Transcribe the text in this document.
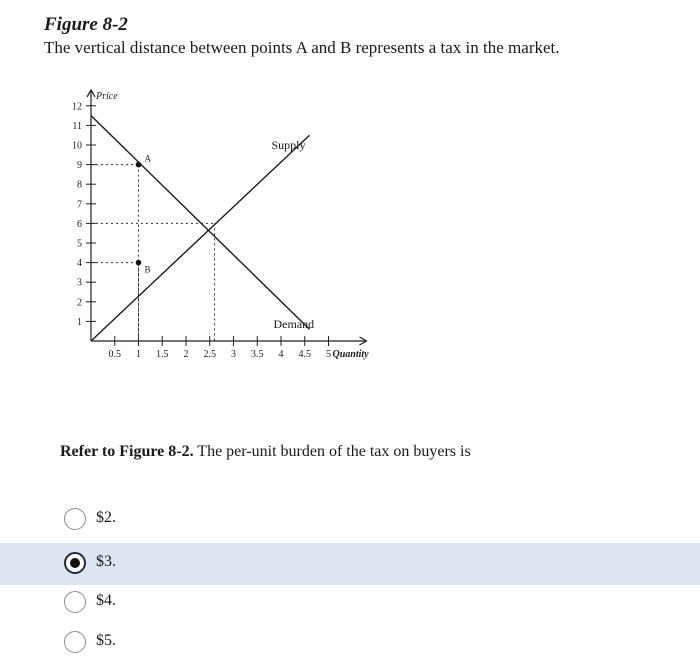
Figure 8-2
The vertical distance between points A and B represents a tax in the market.
1
2
3
4
5
6
7
8
9
10
11
12
0.5 1 1.5 2 2.5 3 3.5 4 4.5 5
Price
Quantity
Supply
Demand
A
B
Refer to Figure 8-2. The per-unit burden of the tax on buyers is
$2.
$3.
$4.
$5.
